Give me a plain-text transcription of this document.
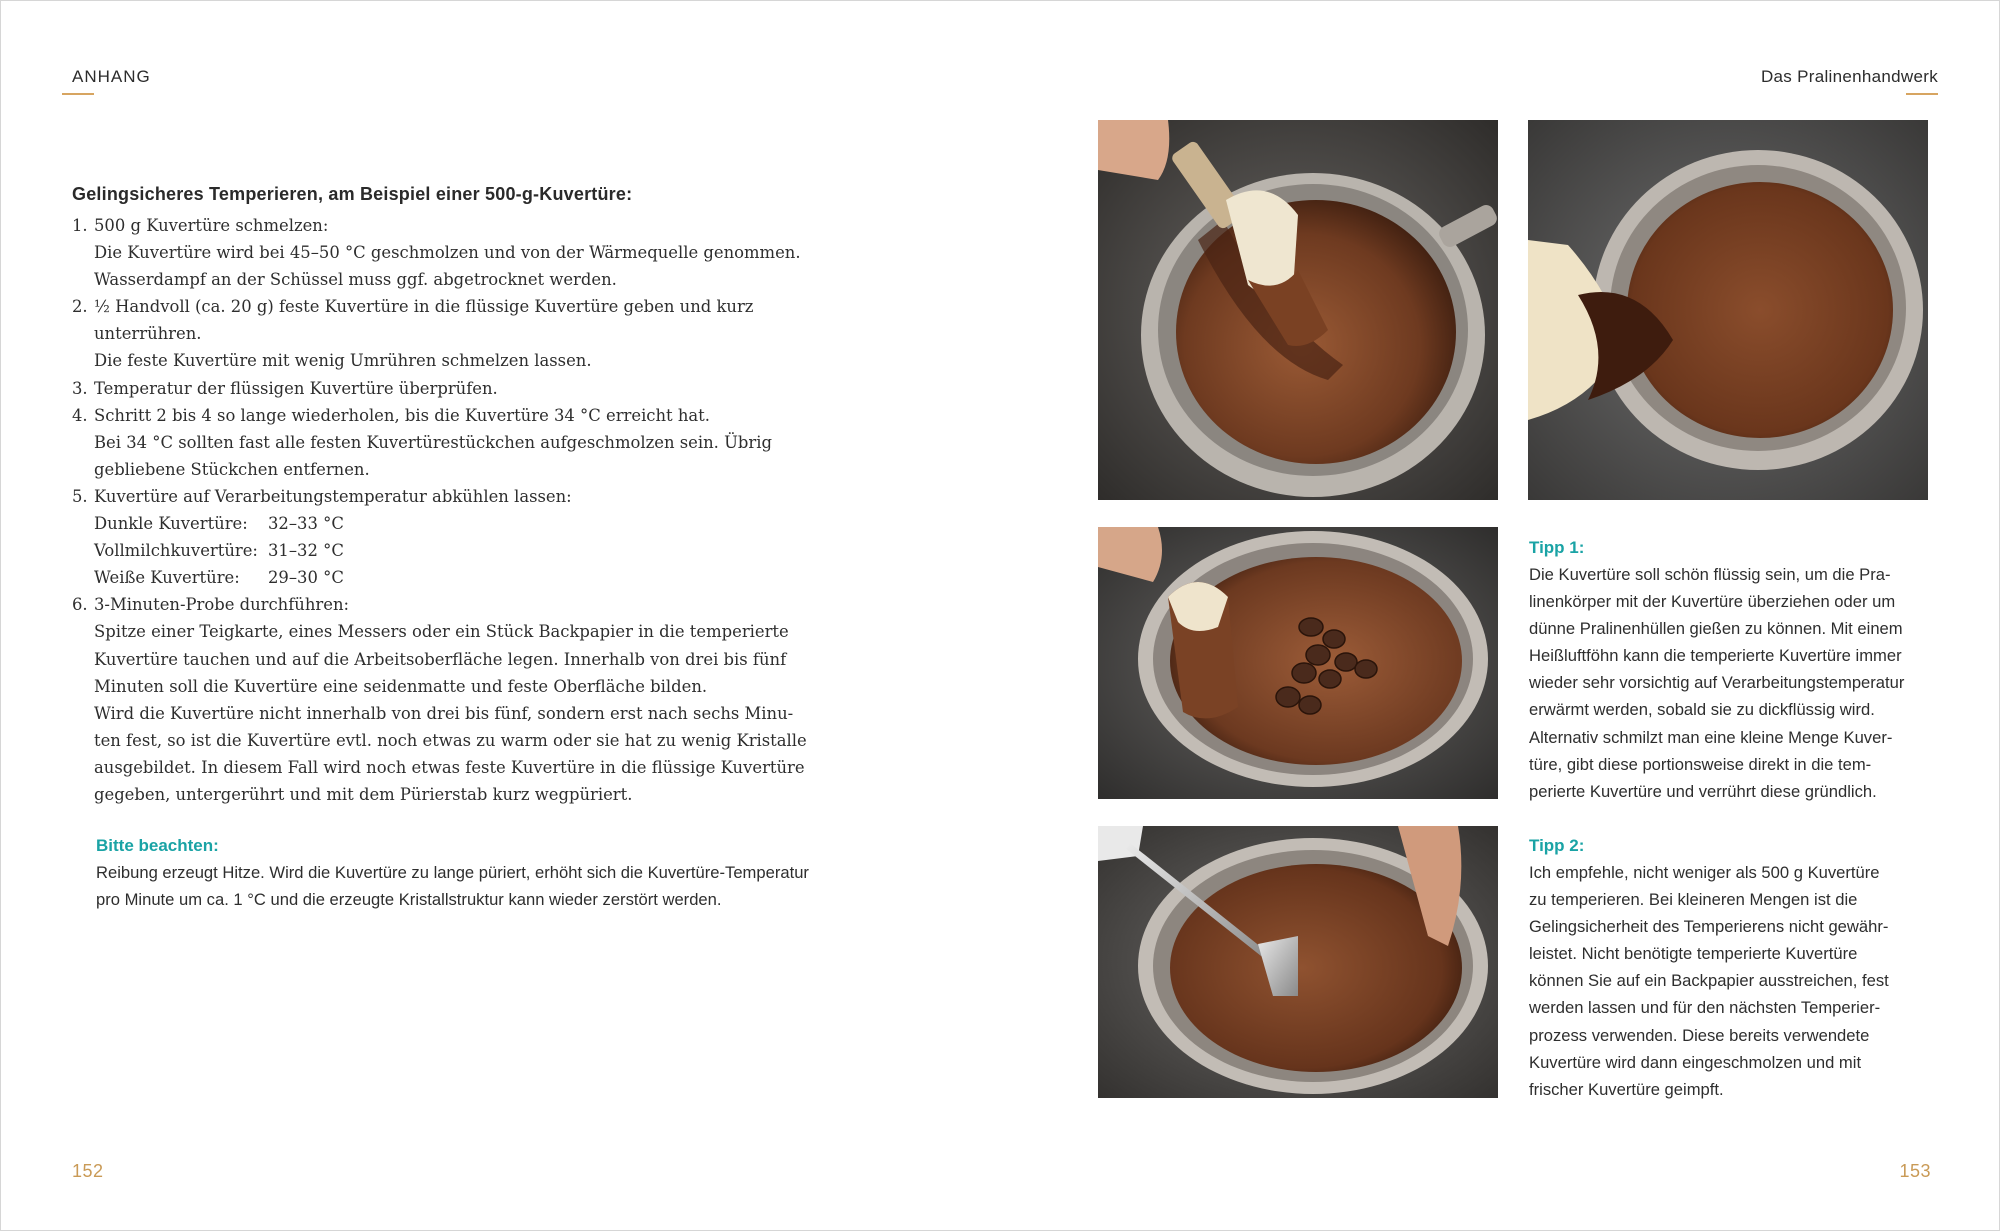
ANHANG
Gelingsicheres Temperieren, am Beispiel einer 500-g-Kuvertüre:
1. 500 g Kuvertüre schmelzen:
Die Kuvertüre wird bei 45–50 °C geschmolzen und von der Wärmequelle genommen.
Wasserdampf an der Schüssel muss ggf. abgetrocknet werden.
2. ½ Handvoll (ca. 20 g) feste Kuvertüre in die flüssige Kuvertüre geben und kurz
unterrühren.
Die feste Kuvertüre mit wenig Umrühren schmelzen lassen.
3. Temperatur der flüssigen Kuvertüre überprüfen.
4. Schritt 2 bis 4 so lange wiederholen, bis die Kuvertüre 34 °C erreicht hat.
Bei 34 °C sollten fast alle festen Kuvertürestückchen aufgeschmolzen sein. Übrig
gebliebene Stückchen entfernen.
5. Kuvertüre auf Verarbeitungstemperatur abkühlen lassen:
Dunkle Kuvertüre: 32–33 °C
Vollmilchkuvertüre: 31–32 °C
Weiße Kuvertüre: 29–30 °C
6. 3-Minuten-Probe durchführen:
Spitze einer Teigkarte, eines Messers oder ein Stück Backpapier in die temperierte
Kuvertüre tauchen und auf die Arbeitsoberfläche legen. Innerhalb von drei bis fünf
Minuten soll die Kuvertüre eine seidenmatte und feste Oberfläche bilden.
Wird die Kuvertüre nicht innerhalb von drei bis fünf, sondern erst nach sechs Minu-
ten fest, so ist die Kuvertüre evtl. noch etwas zu warm oder sie hat zu wenig Kristalle
ausgebildet. In diesem Fall wird noch etwas feste Kuvertüre in die flüssige Kuvertüre
gegeben, untergerührt und mit dem Pürierstab kurz wegpüriert.
Bitte beachten:

Reibung erzeugt Hitze. Wird die Kuvertüre zu lange püriert, erhöht sich die Kuvertüre-Temperatur
pro Minute um ca. 1 °C und die erzeugte Kristallstruktur kann wieder zerstört werden.

152
Das Pralinenhandwerk
Tipp 1:

Die Kuvertüre soll schön flüssig sein, um die Pra-
linenkörper mit der Kuvertüre überziehen oder um
dünne Pralinenhüllen gießen zu können. Mit einem
Heißluftföhn kann die temperierte Kuvertüre immer
wieder sehr vorsichtig auf Verarbeitungstemperatur
erwärmt werden, sobald sie zu dickflüssig wird.
Alternativ schmilzt man eine kleine Menge Kuver-
türe, gibt diese portionsweise direkt in die tem-
perierte Kuvertüre und verrührt diese gründlich.

Tipp 2:

Ich empfehle, nicht weniger als 500 g Kuvertüre
zu temperieren. Bei kleineren Mengen ist die
Gelingsicherheit des Temperierens nicht gewähr-
leistet. Nicht benötigte temperierte Kuvertüre
können Sie auf ein Backpapier ausstreichen, fest
werden lassen und für den nächsten Temperier-
prozess verwenden. Diese bereits verwendete
Kuvertüre wird dann eingeschmolzen und mit
frischer Kuvertüre geimpft.

153
